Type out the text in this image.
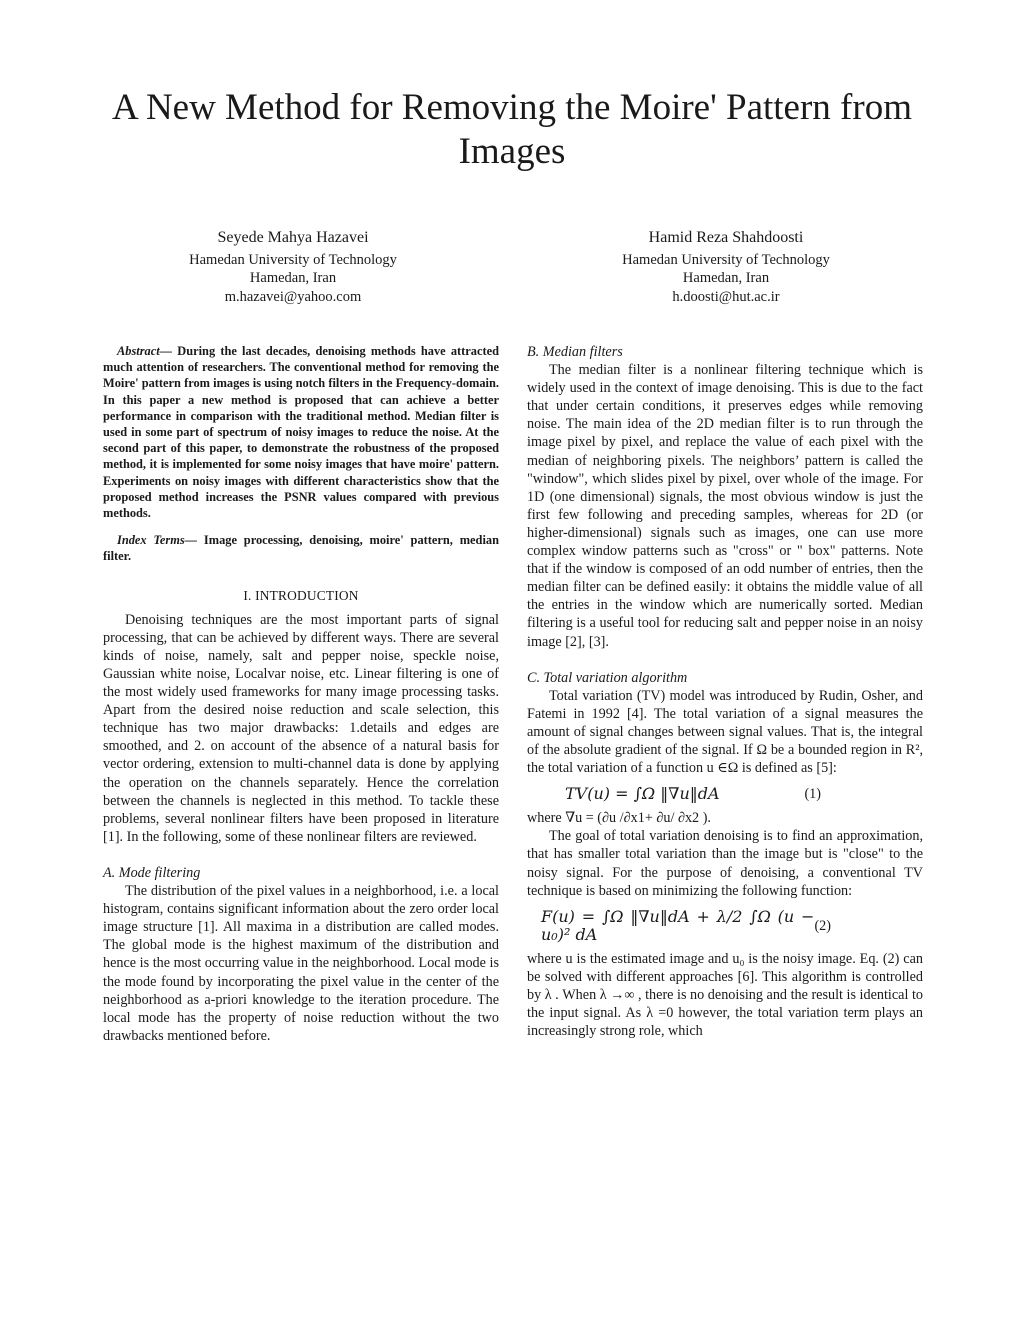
A New Method for Removing the Moire' Pattern from Images
Seyede Mahya Hazavei
Hamedan University of Technology
Hamedan, Iran
m.hazavei@yahoo.com
Hamid Reza Shahdoosti
Hamedan University of Technology
Hamedan, Iran
h.doosti@hut.ac.ir

Abstract— During the last decades, denoising methods have attracted much attention of researchers. The conventional method for removing the Moire' pattern from images is using notch filters in the Frequency-domain. In this paper a new method is proposed that can achieve a better performance in comparison with the traditional method. Median filter is used in some part of spectrum of noisy images to reduce the noise. At the second part of this paper, to demonstrate the robustness of the proposed method, it is implemented for some noisy images that have moire' pattern. Experiments on noisy images with different characteristics show that the proposed method increases the PSNR values compared with previous methods.

Index Terms— Image processing, denoising, moire' pattern, median filter.

I. INTRODUCTION

Denoising techniques are the most important parts of signal processing, that can be achieved by different ways. There are several kinds of noise, namely, salt and pepper noise, speckle noise, Gaussian white noise, Localvar noise, etc. Linear filtering is one of the most widely used frameworks for many image processing tasks. Apart from the desired noise reduction and scale selection, this technique has two major drawbacks: 1.details and edges are smoothed, and 2. on account of the absence of a natural basis for vector ordering, extension to multi-channel data is done by applying the operation on the channels separately. Hence the correlation between the channels is neglected in this method. To tackle these problems, several nonlinear filters have been proposed in literature [1]. In the following, some of these nonlinear filters are reviewed.

A. Mode filtering

The distribution of the pixel values in a neighborhood, i.e. a local histogram, contains significant information about the zero order local image structure [1]. All maxima in a distribution are called modes. The global mode is the highest maximum of the distribution and hence is the most occurring value in the neighborhood. Local mode is the mode found by incorporating the pixel value in the center of the neighborhood as a-priori knowledge to the iteration procedure. The local mode has the property of noise reduction without the two drawbacks mentioned before.

B. Median filters

The median filter is a nonlinear filtering technique which is widely used in the context of image denoising. This is due to the fact that under certain conditions, it preserves edges while removing noise. The main idea of the 2D median filter is to run through the image pixel by pixel, and replace the value of each pixel with the median of neighboring pixels. The neighbors’ pattern is called the "window", which slides pixel by pixel, over whole of the image. For 1D (one dimensional) signals, the most obvious window is just the first few following and preceding samples, whereas for 2D (or higher-dimensional) signals such as images, one can use more complex window patterns such as "cross" or " box" patterns. Note that if the window is composed of an odd number of entries, then the median filter can be defined easily: it obtains the middle value of all the entries in the window which are numerically sorted. Median filtering is a useful tool for reducing salt and pepper noise in an noisy image [2], [3].

C. Total variation algorithm

Total variation (TV) model was introduced by Rudin, Osher, and Fatemi in 1992 [4]. The total variation of a signal measures the amount of signal changes between signal values. That is, the integral of the absolute gradient of the signal. If Ω be a bounded region in R², the total variation of a function u ∈Ω is defined as [5]:

TV(u) = ∫Ω ‖∇u‖dA	(1)

where ∇u = (∂u /∂x1+ ∂u/ ∂x2 ).

The goal of total variation denoising is to find an approximation, that has smaller total variation than the image but is "close" to the noisy signal. For the purpose of denoising, a conventional TV technique is based on minimizing the following function:

F(u) = ∫Ω ‖∇u‖dA + λ/2 ∫Ω (u − u₀)² dA	(2)

where u is the estimated image and u₀ is the noisy image. Eq. (2) can be solved with different approaches [6]. This algorithm is controlled by λ . When λ →∞ , there is no denoising and the result is identical to the input signal. As λ =0 however, the total variation term plays an increasingly strong role, which
